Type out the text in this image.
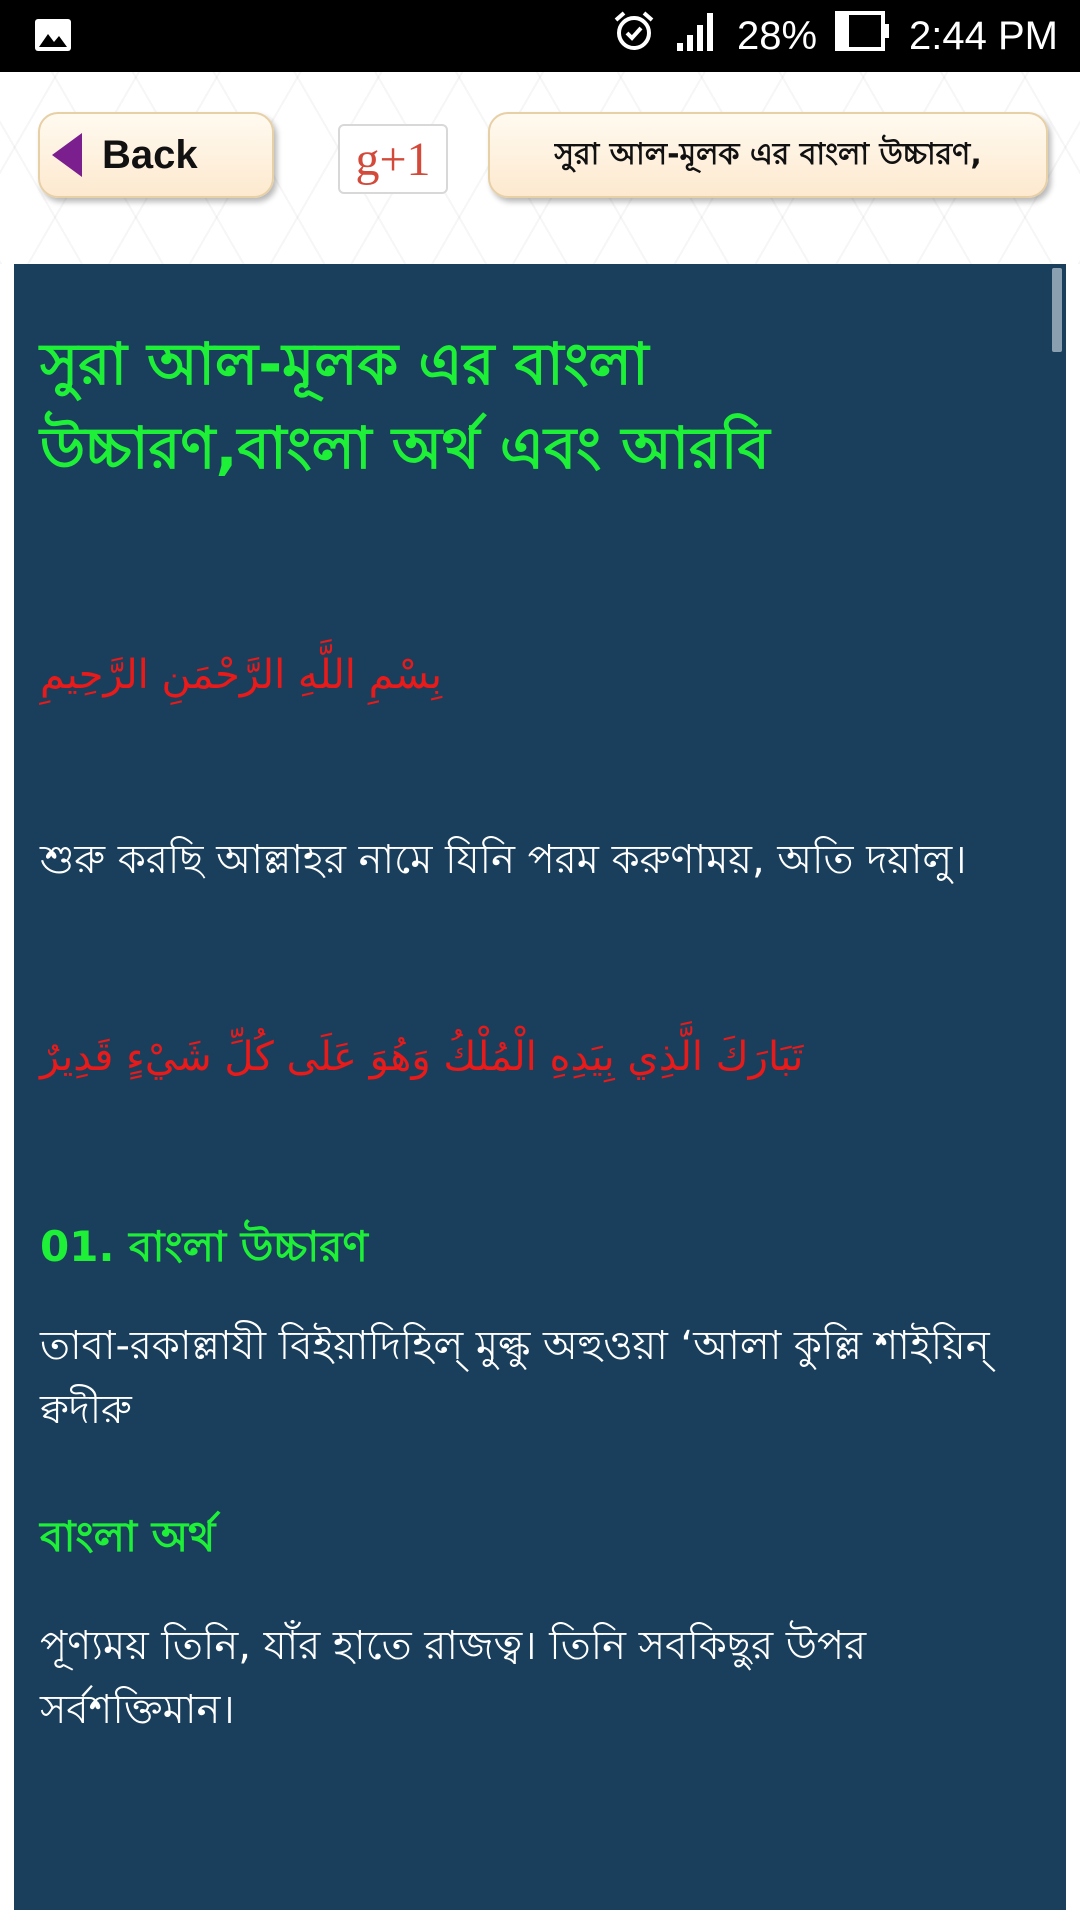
28% 2:44 PM
Back	g+1	সুরা আল-মূলক এর বাংলা উচ্চারণ,
সুরা আল-মূলক এর বাংলা উচ্চারণ,বাংলা অর্থ এবং আরবি
بِسْمِ اللَّهِ الرَّحْمَنِ الرَّحِيمِ
শুরু করছি আল্লাহর নামে যিনি পরম করুণাময়, অতি দয়ালু।
تَبَارَكَ الَّذِي بِيَدِهِ الْمُلْكُ وَهُوَ عَلَى كُلِّ شَيْءٍ قَدِيرٌ
01. বাংলা উচ্চারণ
তাবা-রকাল্লাযী বিইয়াদিহিল্ মুল্কু অহুওয়া ‘আলা কুল্লি শাইয়িন্ ক্বদীরু
বাংলা অর্থ
পূণ্যময় তিনি, যাঁর হাতে রাজত্ব। তিনি সবকিছুর উপর সর্বশক্তিমান।
